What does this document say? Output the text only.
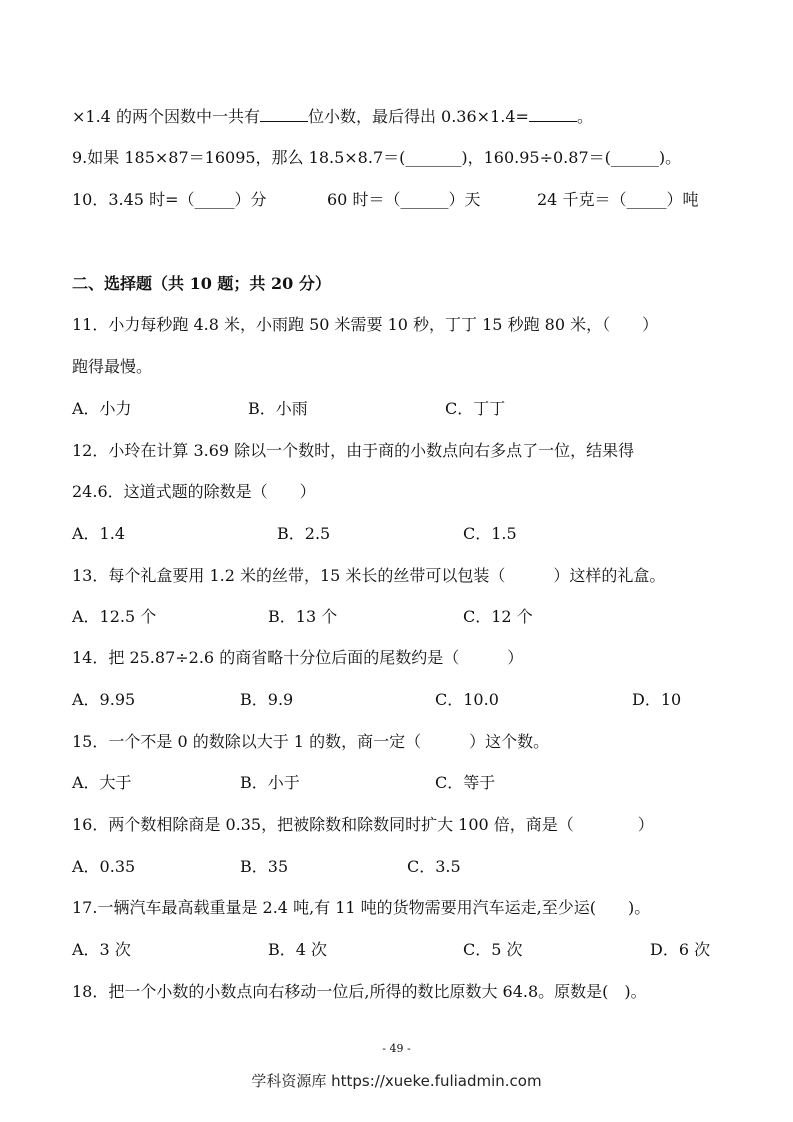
×1.4 的两个因数中一共有	位小数，最后得出 0.36×1.4=	。
9.如果 185×87＝16095，那么 18.5×8.7＝(_______)，160.95÷0.87＝(______)。
10．3.45 时=（_____）分	60 时＝（______）天	24 千克＝（_____）吨
二、选择题（共 10 题；共 20 分）
11．小力每秒跑 4.8 米，小雨跑 50 米需要 10 秒，丁丁 15 秒跑 80 米，（　　）
跑得最慢。
A．小力	B．小雨	C．丁丁
12．小玲在计算 3.69 除以一个数时，由于商的小数点向右多点了一位，结果得
24.6．这道式题的除数是（　　）
A．1.4	B．2.5	C．1.5
13．每个礼盒要用 1.2 米的丝带，15 米长的丝带可以包装（　　　）这样的礼盒。
A．12.5 个	B．13 个	C．12 个
14．把 25.87÷2.6 的商省略十分位后面的尾数约是（　　　）
A．9.95	B．9.9	C．10.0	D．10
15．一个不是 0 的数除以大于 1 的数，商一定（　　　）这个数。
A．大于	B．小于	C．等于
16．两个数相除商是 0.35，把被除数和除数同时扩大 100 倍，商是（　　　　）
A．0.35	B．35	C．3.5
17.一辆汽车最高载重量是 2.4 吨,有 11 吨的货物需要用汽车运走,至少运(　　)。
A．3 次	B．4 次	C．5 次	D．6 次
18．把一个小数的小数点向右移动一位后,所得的数比原数大 64.8。原数是(　)。
- 49 -
学科资源库 https://xueke.fuliadmin.com
